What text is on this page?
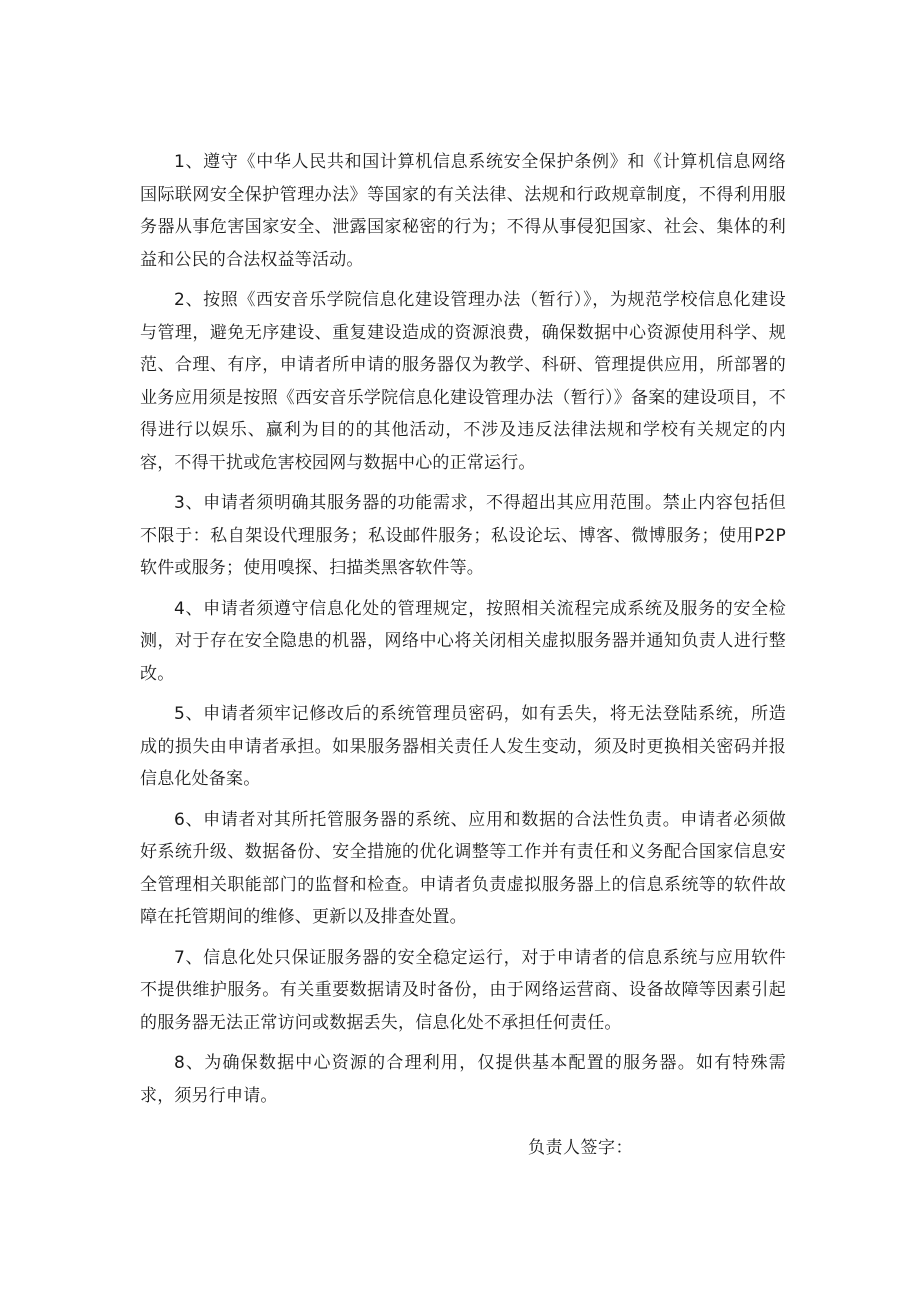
1、遵守《中华人民共和国计算机信息系统安全保护条例》和《计算机信息网络国际联网安全保护管理办法》等国家的有关法律、法规和行政规章制度，不得利用服务器从事危害国家安全、泄露国家秘密的行为；不得从事侵犯国家、社会、集体的利益和公民的合法权益等活动。

2、按照《西安音乐学院信息化建设管理办法（暂行）》，为规范学校信息化建设与管理，避免无序建设、重复建设造成的资源浪费，确保数据中心资源使用科学、规范、合理、有序，申请者所申请的服务器仅为教学、科研、管理提供应用，所部署的业务应用须是按照《西安音乐学院信息化建设管理办法（暂行）》备案的建设项目，不得进行以娱乐、赢利为目的的其他活动，不涉及违反法律法规和学校有关规定的内容，不得干扰或危害校园网与数据中心的正常运行。

3、申请者须明确其服务器的功能需求，不得超出其应用范围。禁止内容包括但不限于：私自架设代理服务；私设邮件服务；私设论坛、博客、微博服务；使用P2P软件或服务；使用嗅探、扫描类黑客软件等。

4、申请者须遵守信息化处的管理规定，按照相关流程完成系统及服务的安全检测，对于存在安全隐患的机器，网络中心将关闭相关虚拟服务器并通知负责人进行整改。

5、申请者须牢记修改后的系统管理员密码，如有丢失，将无法登陆系统，所造成的损失由申请者承担。如果服务器相关责任人发生变动，须及时更换相关密码并报信息化处备案。

6、申请者对其所托管服务器的系统、应用和数据的合法性负责。申请者必须做好系统升级、数据备份、安全措施的优化调整等工作并有责任和义务配合国家信息安全管理相关职能部门的监督和检查。申请者负责虚拟服务器上的信息系统等的软件故障在托管期间的维修、更新以及排查处置。

7、信息化处只保证服务器的安全稳定运行，对于申请者的信息系统与应用软件不提供维护服务。有关重要数据请及时备份，由于网络运营商、设备故障等因素引起的服务器无法正常访问或数据丢失，信息化处不承担任何责任。

8、为确保数据中心资源的合理利用，仅提供基本配置的服务器。如有特殊需求，须另行申请。

负责人签字：
